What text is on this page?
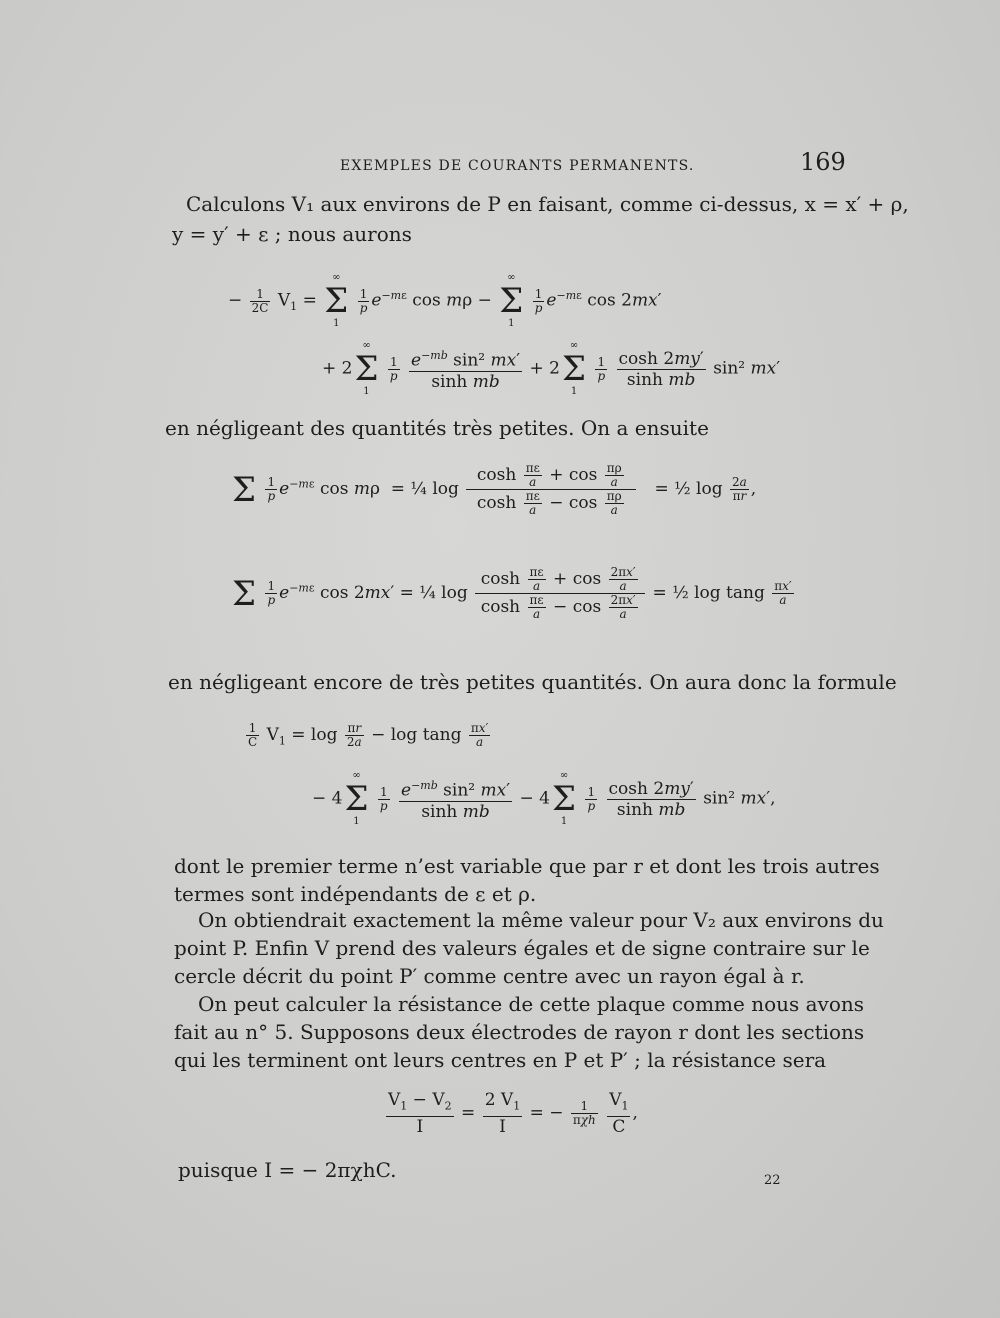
EXEMPLES DE COURANTS PERMANENTS.	169
Calculons V₁ aux environs de P en faisant, comme ci-dessus, x = x′ + ρ,
y = y′ + ε ; nous aurons
− $\frac{1}{2C} V_1$ =
∞
Σ
1

$\frac{1}{p} e^{-m\varepsilon}$ cos mρ −
∞
Σ
1

$\frac{1}{p} e^{-m\varepsilon}$ cos 2mx′
+ 2
∞
Σ
1

$\frac{1}{p}$
$\frac{e^{-mb} \sin^2 mx'}{\text{sinh mb}} + 2$
∞
Σ
1

$\frac{1}{p}$
$\frac{\cosh 2my'}{\text{sinh mb}} \sin^2$ mx′
en négligeant des quantités très petites. On a ensuite
Σ
$\frac{1}{p} e^{-m\varepsilon}$ cos mρ  = ¼ $\log \frac{\cosh \frac{\pi\varepsilon}{a} + \cos \frac{\pi\rho}{a}}{\cosh \frac{\pi\varepsilon}{a} - \cos \frac{\pi\rho}{a}}$ = ½ $\log \frac{2a}{\pi r}$ ,
Σ
$\frac{1}{p} e^{-m\varepsilon}$ cos 2mx′ = ¼ $\log \frac{\cosh \frac{\pi\varepsilon}{a} + \cos \frac{2\pi x'}{a}}{\cosh \frac{\pi\varepsilon}{a} - \cos \frac{2\pi x'}{a}}$ = ½ log tang $\frac{\pi x'}{a}$
en négligeant encore de très petites quantités. On aura donc la formule
$\frac{1}{C} V_1 = \log \frac{\pi r}{2a} - \log \tan g \frac{\pi x'}{a}$
− 4
∞
Σ
1

$\frac{1}{p}$
$\frac{e^{-mb} \sin^2 mx'}{\text{sinh mb}} - 4$
∞
Σ
1

$\frac{1}{p}$
$\frac{\cosh 2my'}{\text{sinh mb}} \sin^2$ mx′,
dont le premier terme n’est variable que par r et dont les trois autres
termes sont indépendants de ε et ρ.
On obtiendrait exactement la même valeur pour V₂ aux environs du
point P. Enfin V prend des valeurs égales et de signe contraire sur le
cercle décrit du point P′ comme centre avec un rayon égal à r.
On peut calculer la résistance de cette plaque comme nous avons
fait au n° 5. Supposons deux électrodes de rayon r dont les sections
qui les terminent ont leurs centres en P et P′ ; la résistance sera
$\frac{V_1 - V_2}{I} = \frac{2 V_1}{I}$ = − $\frac{1}{\text{πχh}}$
$\frac{V_1}{C}$ ,
puisque I = − 2πχhC.	22
